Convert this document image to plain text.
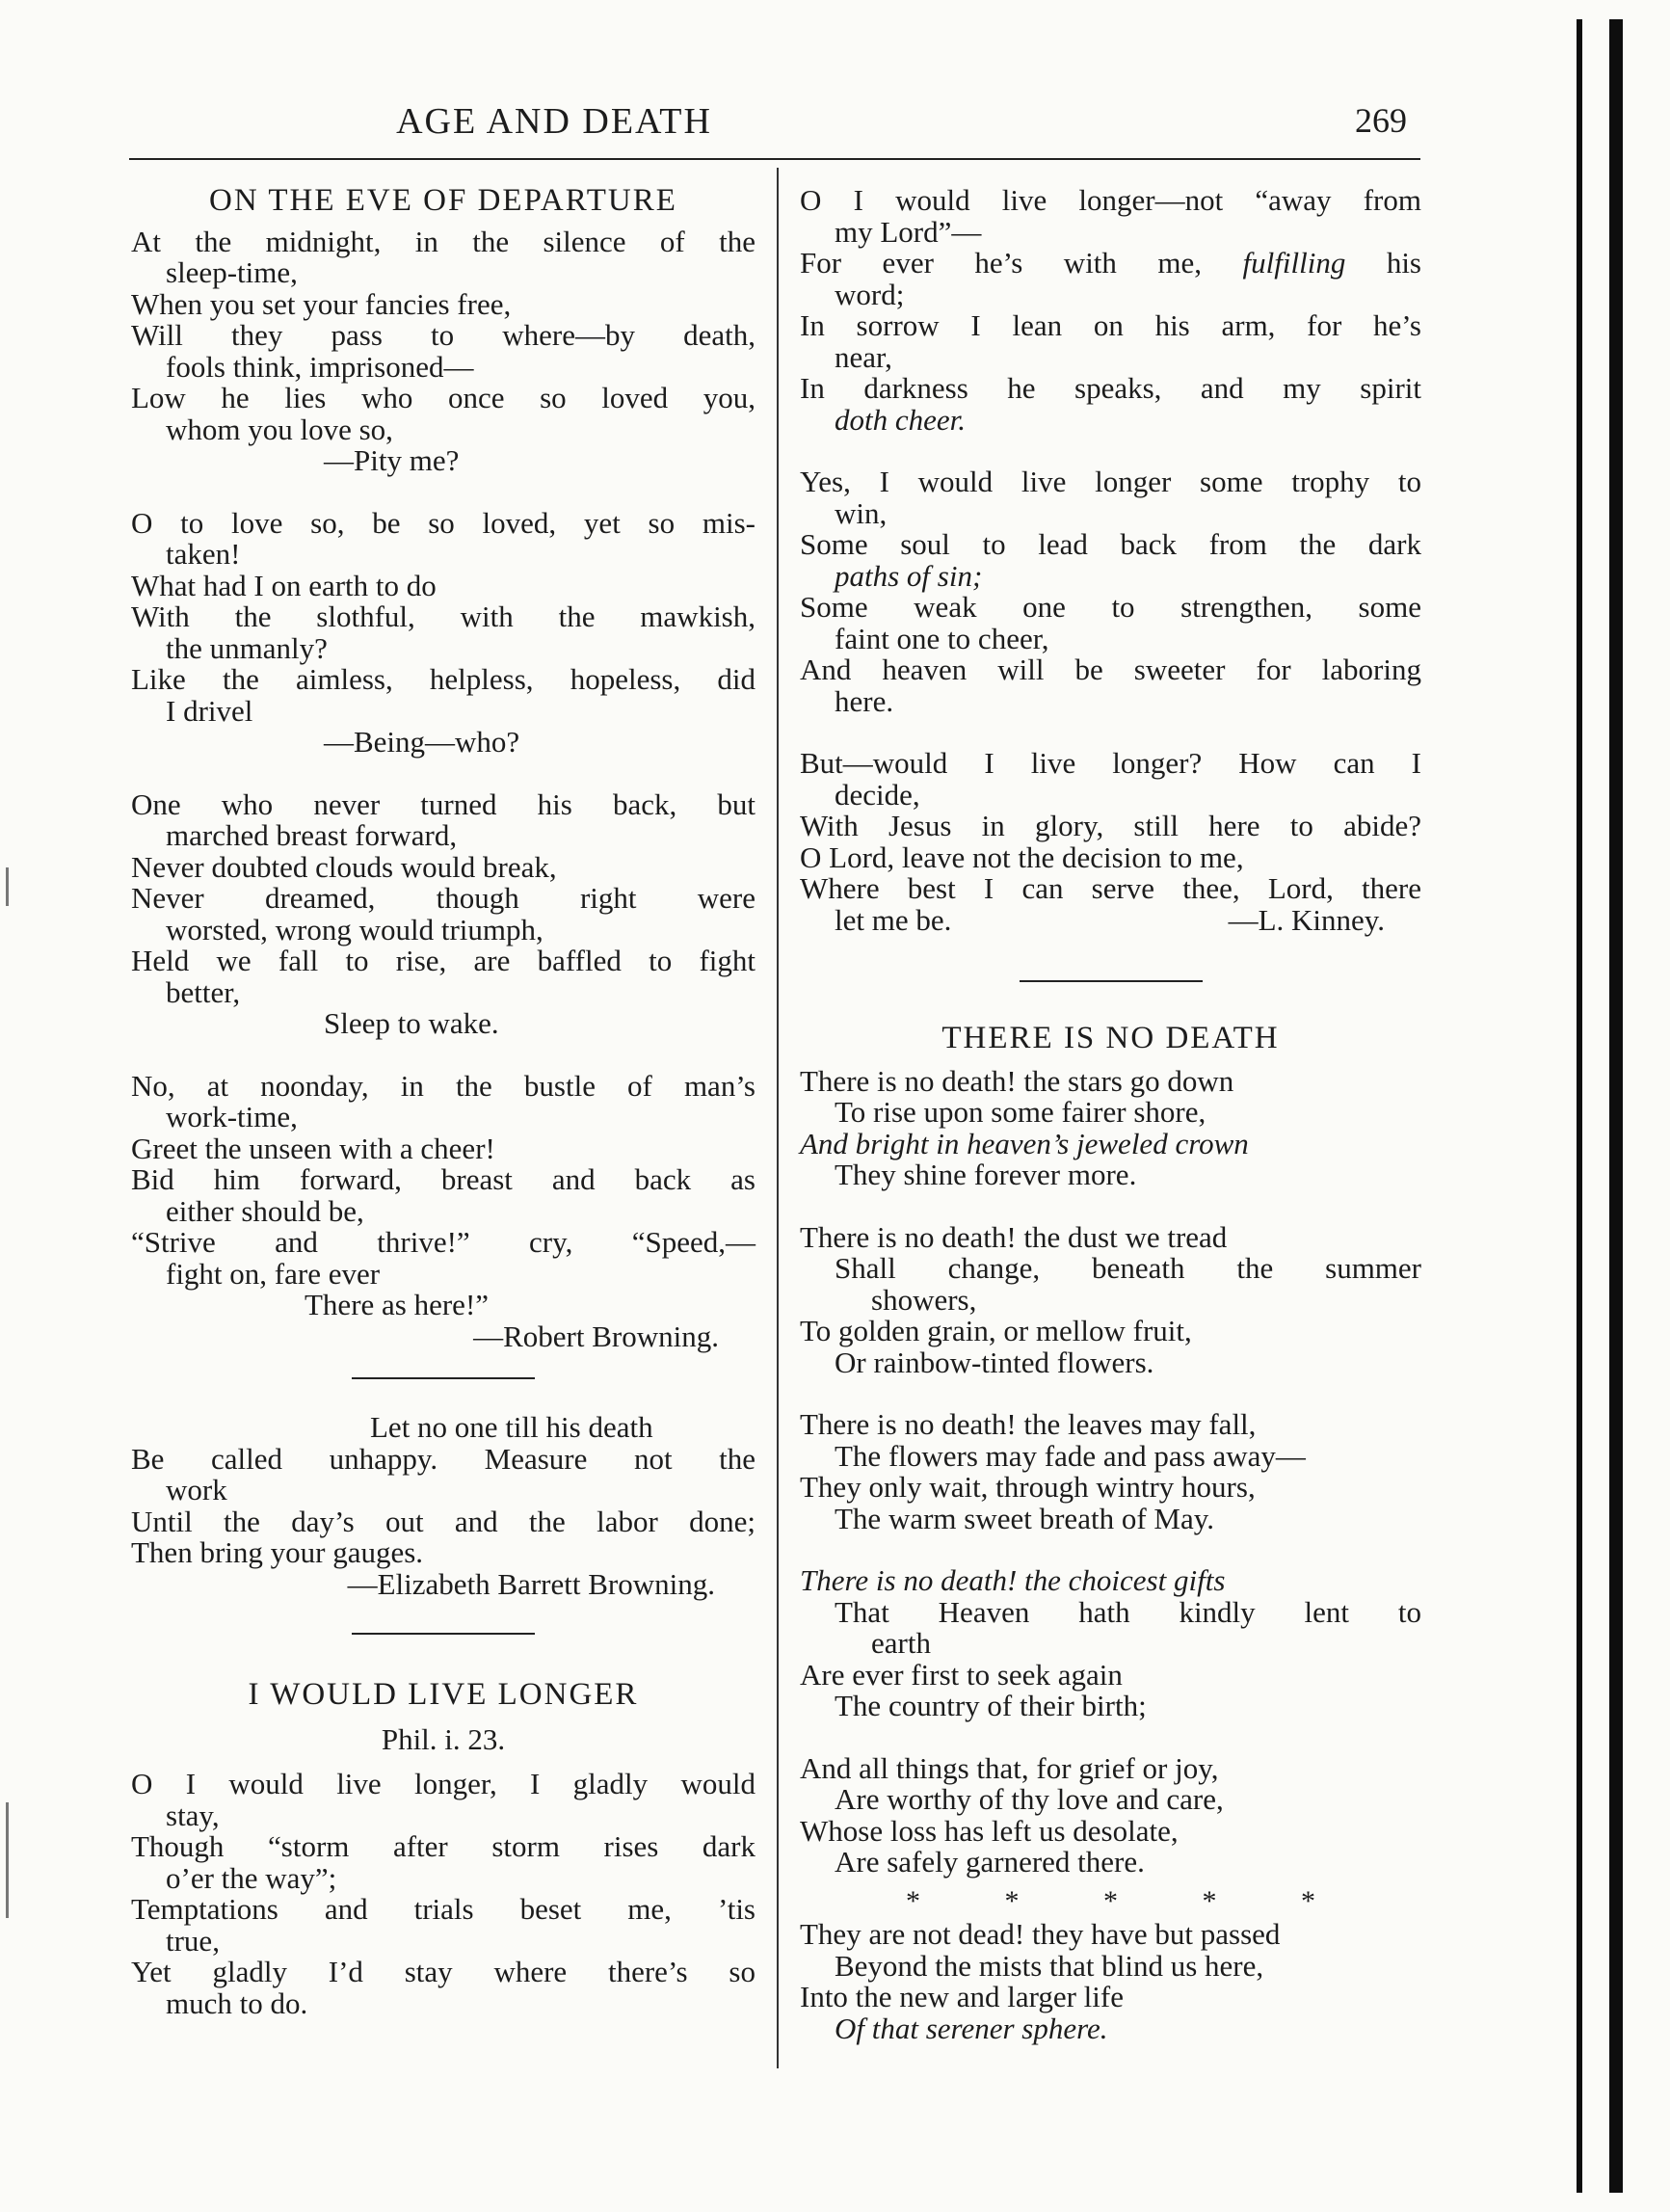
AGE AND DEATH	269
ON THE EVE OF DEPARTURE
At the midnight, in the silence of the
sleep-time,
When you set your fancies free,
Will they pass to where—by death,
fools think, imprisoned—
Low he lies who once so loved you,
whom you love so,
—Pity me?
O to love so, be so loved, yet so mis-
taken!
What had I on earth to do
With the slothful, with the mawkish,
the unmanly?
Like the aimless, helpless, hopeless, did
I drivel
—Being—who?
One who never turned his back, but
marched breast forward,
Never doubted clouds would break,
Never dreamed, though right were
worsted, wrong would triumph,
Held we fall to rise, are baffled to fight
better,
Sleep to wake.
No, at noonday, in the bustle of man’s
work-time,
Greet the unseen with a cheer!
Bid him forward, breast and back as
either should be,
“Strive and thrive!” cry, “Speed,—
fight on, fare ever
There as here!”
—Robert Browning.
Let no one till his death
Be called unhappy. Measure not the
work
Until the day’s out and the labor done;
Then bring your gauges.
—Elizabeth Barrett Browning.
I WOULD LIVE LONGER
Phil. i. 23.
O I would live longer, I gladly would
stay,
Though “storm after storm rises dark
o’er the way”;
Temptations and trials beset me, ’tis
true,
Yet gladly I’d stay where there’s so
much to do.
O I would live longer—not “away from
my Lord”—
For ever he’s with me, fulfilling his
word;
In sorrow I lean on his arm, for he’s
near,
In darkness he speaks, and my spirit
doth cheer.
Yes, I would live longer some trophy to
win,
Some soul to lead back from the dark
paths of sin;
Some weak one to strengthen, some
faint one to cheer,
And heaven will be sweeter for laboring
here.
But—would I live longer? How can I
decide,
With Jesus in glory, still here to abide?
O Lord, leave not the decision to me,
Where best I can serve thee, Lord, there
let me be.	—L. Kinney.
THERE IS NO DEATH
There is no death! the stars go down
To rise upon some fairer shore,
And bright in heaven’s jeweled crown
They shine forever more.
There is no death! the dust we tread
Shall change, beneath the summer
showers,
To golden grain, or mellow fruit,
Or rainbow-tinted flowers.
There is no death! the leaves may fall,
The flowers may fade and pass away—
They only wait, through wintry hours,
The warm sweet breath of May.
There is no death! the choicest gifts
That Heaven hath kindly lent to
earth
Are ever first to seek again
The country of their birth;
And all things that, for grief or joy,
Are worthy of thy love and care,
Whose loss has left us desolate,
Are safely garnered there.
* * * * *
They are not dead! they have but passed
Beyond the mists that blind us here,
Into the new and larger life
Of that serener sphere.
